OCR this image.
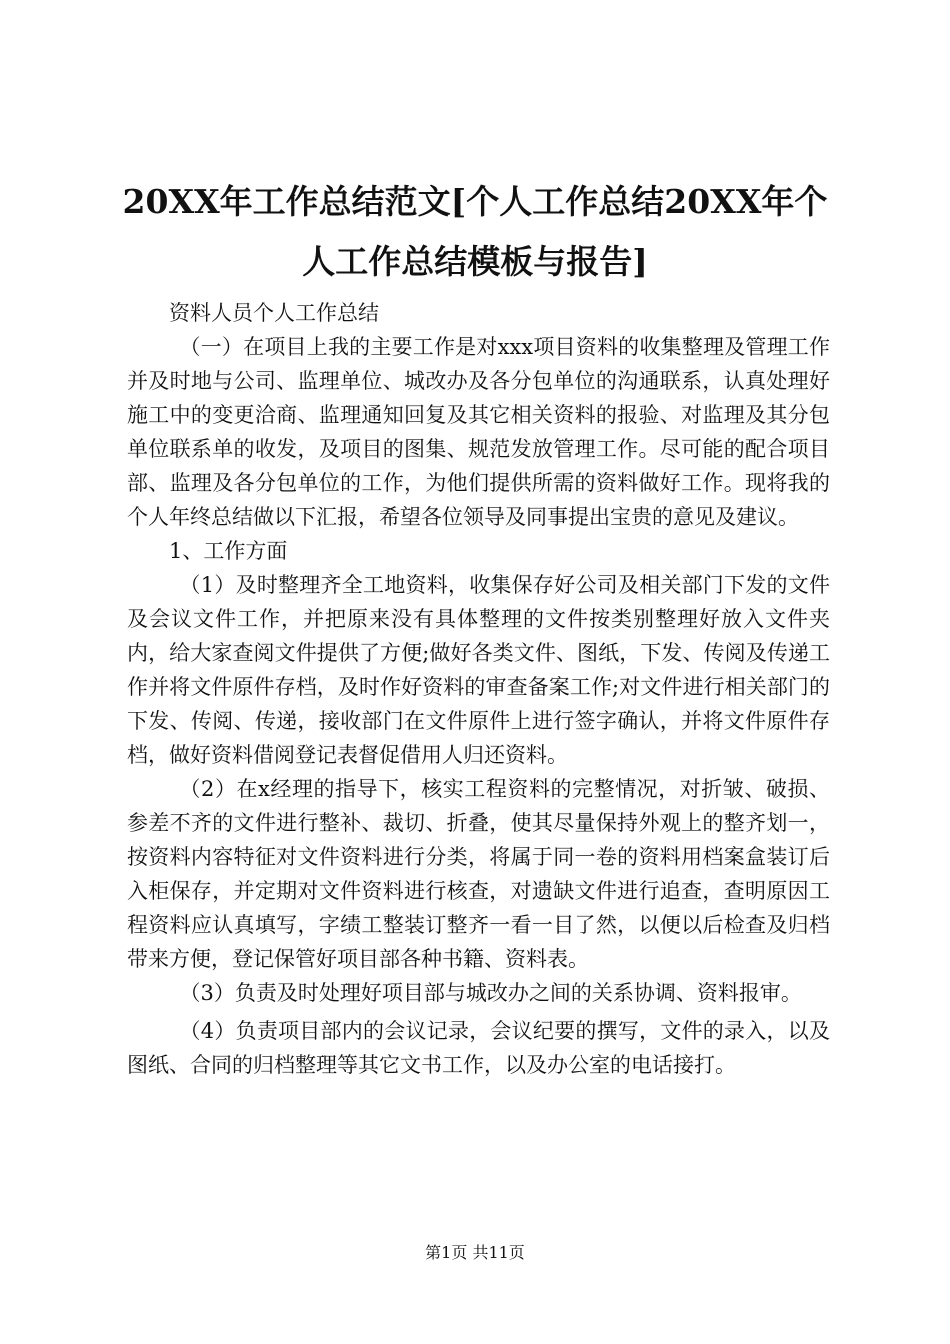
20XX年工作总结范文[个人工作总结20XX年个人工作总结模板与报告]

资料人员个人工作总结

（一）在项目上我的主要工作是对xxx项目资料的收集整理及管理工作并及时地与公司、监理单位、城改办及各分包单位的沟通联系，认真处理好施工中的变更洽商、监理通知回复及其它相关资料的报验、对监理及其分包单位联系单的收发，及项目的图集、规范发放管理工作。尽可能的配合项目部、监理及各分包单位的工作，为他们提供所需的资料做好工作。现将我的个人年终总结做以下汇报，希望各位领导及同事提出宝贵的意见及建议。

1、工作方面

（1）及时整理齐全工地资料，收集保存好公司及相关部门下发的文件及会议文件工作，并把原来没有具体整理的文件按类别整理好放入文件夹内，给大家查阅文件提供了方便;做好各类文件、图纸，下发、传阅及传递工作并将文件原件存档，及时作好资料的审查备案工作;对文件进行相关部门的下发、传阅、传递，接收部门在文件原件上进行签字确认，并将文件原件存档，做好资料借阅登记表督促借用人归还资料。

（2）在x经理的指导下，核实工程资料的完整情况，对折皱、破损、参差不齐的文件进行整补、裁切、折叠，使其尽量保持外观上的整齐划一，按资料内容特征对文件资料进行分类，将属于同一卷的资料用档案盒装订后入柜保存，并定期对文件资料进行核查，对遗缺文件进行追查，查明原因工程资料应认真填写，字绩工整装订整齐一看一目了然，以便以后检查及归档带来方便，登记保管好项目部各种书籍、资料表。

（3）负责及时处理好项目部与城改办之间的关系协调、资料报审。

（4）负责项目部内的会议记录，会议纪要的撰写，文件的录入，以及图纸、合同的归档整理等其它文书工作，以及办公室的电话接打。

第1页 共11页
